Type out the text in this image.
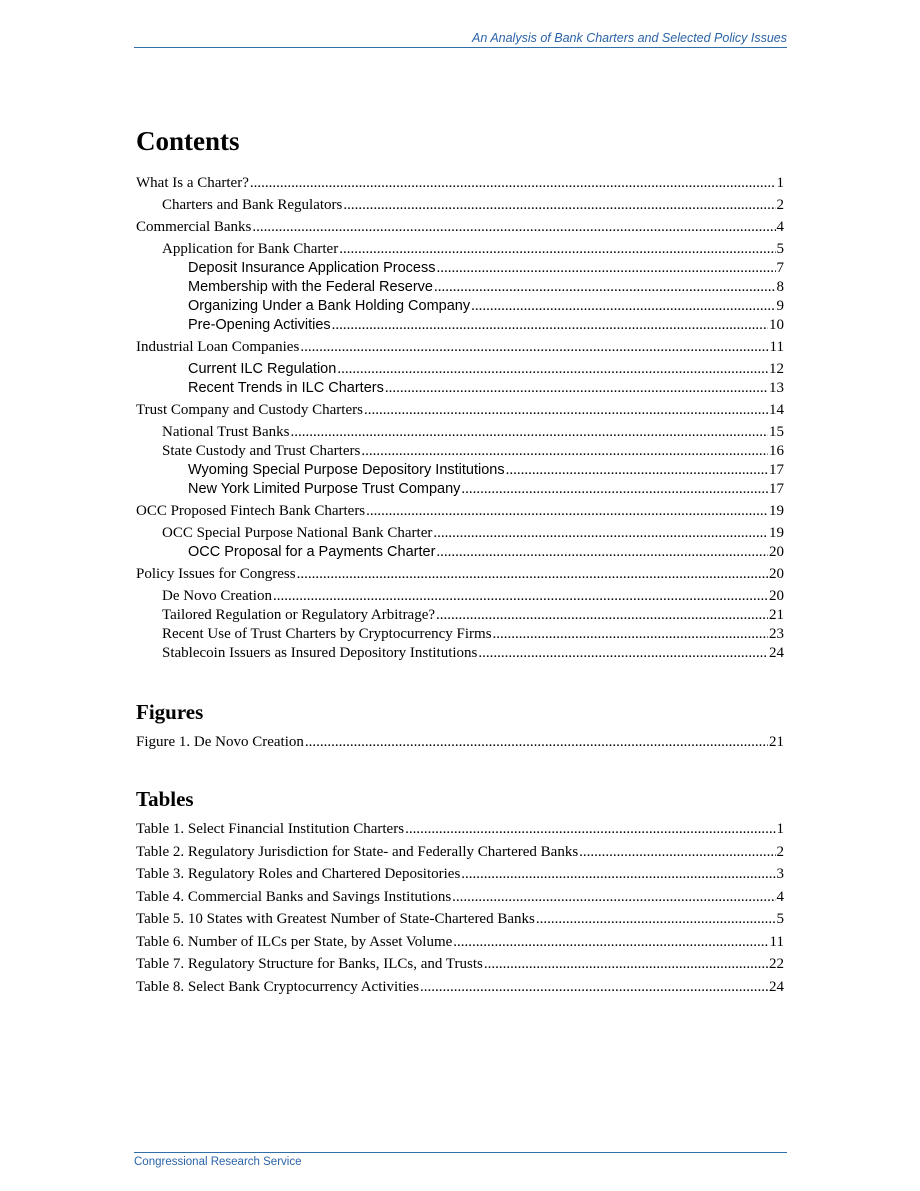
An Analysis of Bank Charters and Selected Policy Issues
Contents
What Is a Charter? .....	1
Charters and Bank Regulators .....	2
Commercial Banks .....	4
Application for Bank Charter .....	5
Deposit Insurance Application Process .....	7
Membership with the Federal Reserve .....	8
Organizing Under a Bank Holding Company .....	9
Pre-Opening Activities .....	10
Industrial Loan Companies .....	11
Current ILC Regulation .....	12
Recent Trends in ILC Charters .....	13
Trust Company and Custody Charters .....	14
National Trust Banks .....	15
State Custody and Trust Charters .....	16
Wyoming Special Purpose Depository Institutions .....	17
New York Limited Purpose Trust Company .....	17
OCC Proposed Fintech Bank Charters .....	19
OCC Special Purpose National Bank Charter .....	19
OCC Proposal for a Payments Charter .....	20
Policy Issues for Congress .....	20
De Novo Creation .....	20
Tailored Regulation or Regulatory Arbitrage? .....	21
Recent Use of Trust Charters by Cryptocurrency Firms .....	23
Stablecoin Issuers as Insured Depository Institutions .....	24
Figures
Figure 1. De Novo Creation .....	21
Tables
Table 1. Select Financial Institution Charters .....	1
Table 2. Regulatory Jurisdiction for State- and Federally Chartered Banks .....	2
Table 3. Regulatory Roles and Chartered Depositories .....	3
Table 4. Commercial Banks and Savings Institutions .....	4
Table 5. 10 States with Greatest Number of State-Chartered Banks .....	5
Table 6. Number of ILCs per State, by Asset Volume .....	11
Table 7. Regulatory Structure for Banks, ILCs, and Trusts .....	22
Table 8. Select Bank Cryptocurrency Activities .....	24
Congressional Research Service
